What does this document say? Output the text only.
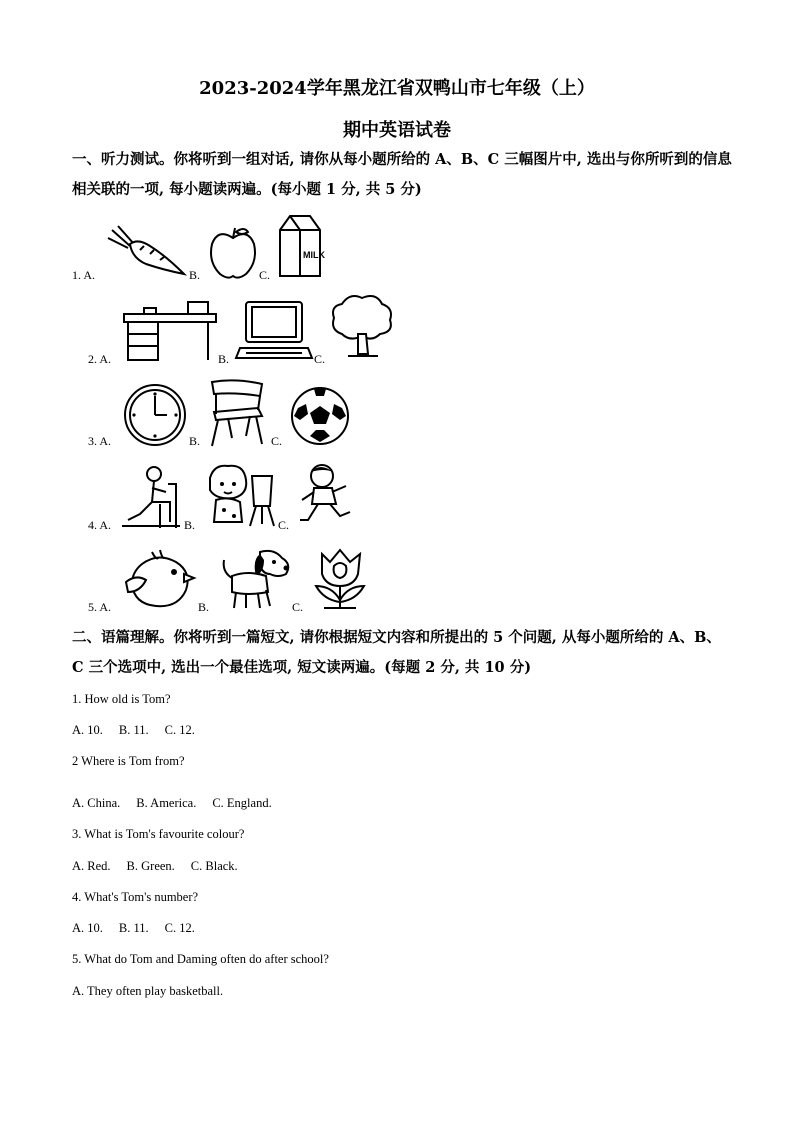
2023-2024学年黑龙江省双鸭山市七年级（上）
期中英语试卷
一、听力测试。你将听到一组对话, 请你从每小题所给的 A、B、C 三幅图片中, 选出与你所听到的信息相关联的一项, 每小题读两遍。(每小题 1 分, 共 5 分)
1. A.	B.	C.
MILK
2. A.	B.	C.
3. A.	B.	C.
4. A.	B.	C.
5. A.	B.	C.
二、语篇理解。你将听到一篇短文, 请你根据短文内容和所提出的 5 个问题, 从每小题所给的 A、B、C 三个选项中, 选出一个最佳选项, 短文读两遍。(每题 2 分, 共 10 分)
1. How old is Tom?
A. 10. B. 11. C. 12.
2 Where is Tom from?
A. China. B. America. C. England.
3. What is Tom's favourite colour?
A. Red. B. Green. C. Black.
4. What's Tom's number?
A. 10. B. 11. C. 12.
5. What do Tom and Daming often do after school?
A. They often play basketball.
